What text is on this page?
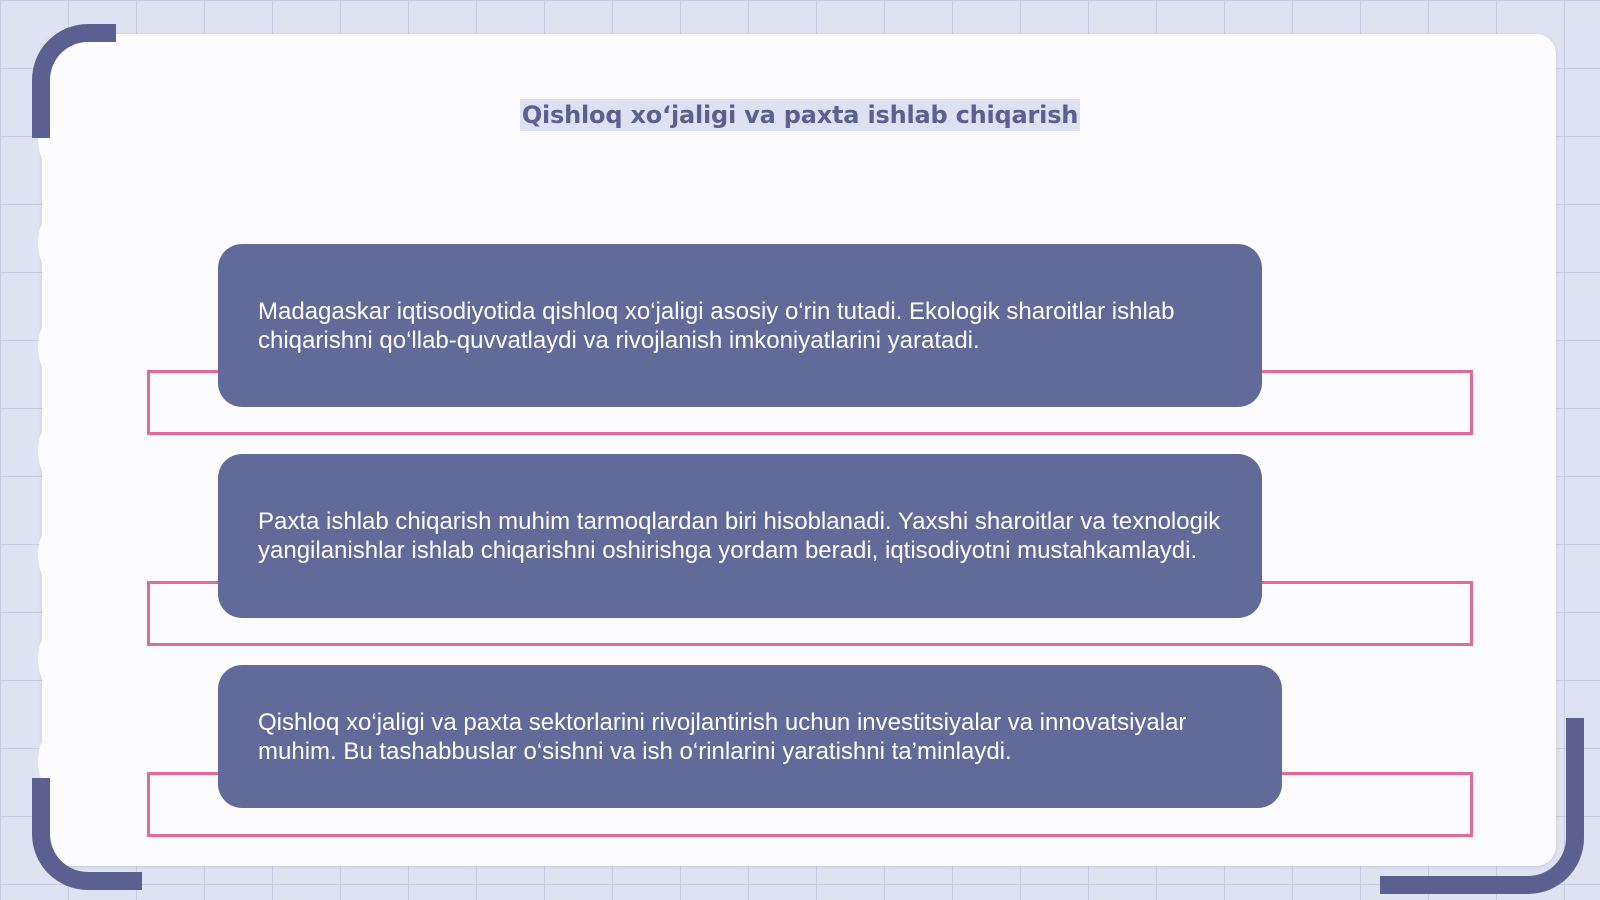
Qishloq xo‘jaligi va paxta ishlab chiqarish

Madagaskar iqtisodiyotida qishloq xo‘jaligi asosiy o‘rin tutadi. Ekologik sharoitlar ishlab chiqarishni qo‘llab-quvvatlaydi va rivojlanish imkoniyatlarini yaratadi.

Paxta ishlab chiqarish muhim tarmoqlardan biri hisoblanadi. Yaxshi sharoitlar va texnologik yangilanishlar ishlab chiqarishni oshirishga yordam beradi, iqtisodiyotni mustahkamlaydi.

Qishloq xo‘jaligi va paxta sektorlarini rivojlantirish uchun investitsiyalar va innovatsiyalar muhim. Bu tashabbuslar o‘sishni va ish o‘rinlarini yaratishni ta’minlaydi.
